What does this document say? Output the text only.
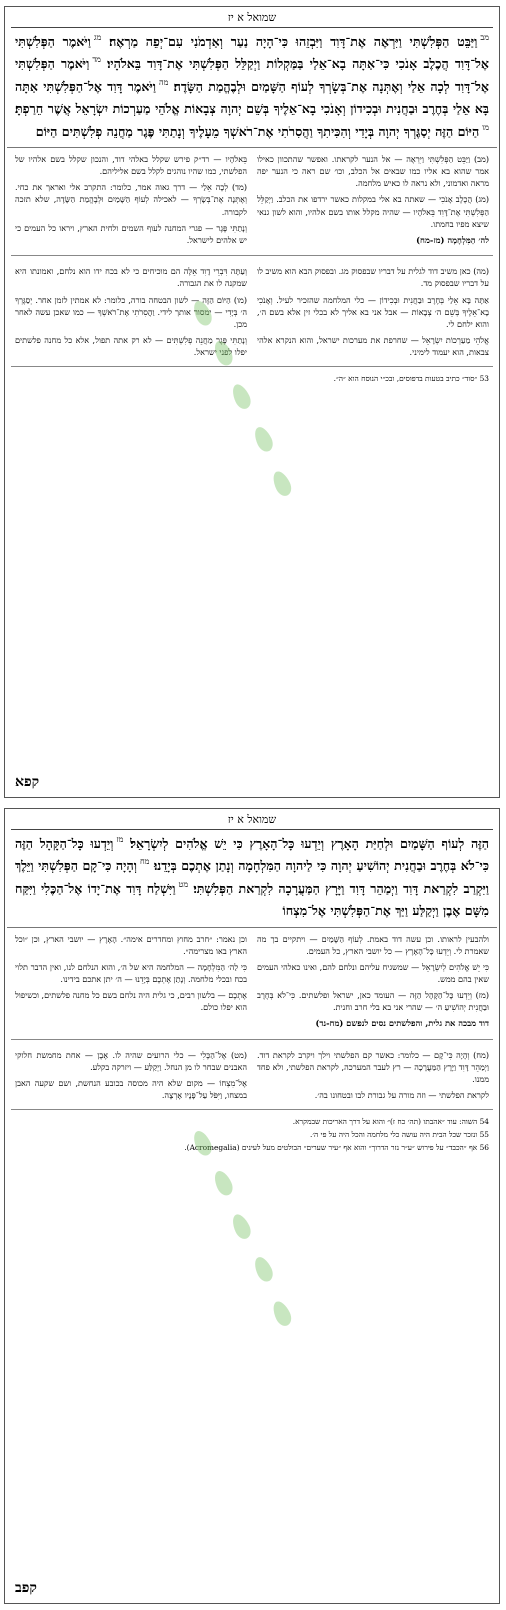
שמואל א יז
$^{מב}$וַיַּבֵּט הַפְּלִשְׁתִּי וַיִּרְאֶה אֶת־דָּוִד וַיִּבְזֵהוּ כִּי־הָיָה נַעַר וְאַדְמֹנִי עִם־יְפֵה מַרְאֶה׃ $^{מג}$וַיֹּאמֶר הַפְּלִשְׁתִּי אֶל־דָּוִד הֲכֶלֶב אָנֹכִי כִּי־אַתָּה בָא־אֵלַי בַּמַּקְלוֹת וַיְקַלֵּל הַפְּלִשְׁתִּי אֶת־דָּוִד בֵּאלֹהָיו׃ $^{מד}$וַיֹּאמֶר הַפְּלִשְׁתִּי אֶל־דָּוִד לְכָה אֵלַי וְאֶתְּנָה אֶת־בְּשָׂרְךָ לְעוֹף הַשָּׁמַיִם וּלְבֶהֱמַת הַשָּׂדֶה׃ $^{מה}$וַיֹּאמֶר דָּוִד אֶל־הַפְּלִשְׁתִּי אַתָּה בָּא אֵלַי בְּחֶרֶב וּבַחֲנִית וּבְכִידוֹן וְאָנֹכִי בָא־אֵלֶיךָ בְּשֵׁם יְהוָה צְבָאוֹת אֱלֹהֵי מַעַרְכוֹת יִשְׂרָאֵל אֲשֶׁר חֵרַפְתָּ׃ $^{מו}$הַיּוֹם הַזֶּה יְסַגֶּרְךָ יְהוָה בְּיָדִי וְהִכִּיתִךָ וַהֲסִרֹתִי אֶת־רֹאשְׁךָ מֵעָלֶיךָ וְנָתַתִּי פֶּגֶר מַחֲנֵה פְלִשְׁתִּים הַיּוֹם

(מב) וַיַּבֵּט הַפְּלִשְׁתִּי וַיִּרְאֶה — אל הנער לקראתו. ואפשר שהתכוון כאילו אמר שהוא בא אליו כמו שבאים אל הכלב, וכו׳ שם ראה כי הנער יפה מראה ואדמוני, ולא נראה לו כאיש מלחמה.

(מג) הֲכֶלֶב אָנֹכִי — שאתה בא אלי במקלות כאשר ירדפו את הכלב. וַיְקַלֵּל הַפְּלִשְׁתִּי אֶת־דָּוִד בֵּאלֹהָיו — שהיה מקלל אותו בשם אלהיו, והוא לשון גנאי שיצא מפיו בחמתו.

לה׳ הַמִּלְחָמָה (מז-מח)

בֵּאלֹהָיו — רד״ק פירש שקלל באלהי דוד, והנכון שקלל בשם אלהיו של הפלשתי, כמו שהיו נוהגים לקלל בשם אליליהם.

(מד) לְכָה אֵלַי — דרך גאוה אמר, כלומר: התקרב אלי ואראך את כחי. וְאֶתְּנָה אֶת־בְּשָׂרְךָ — לאכילה לְעוֹף הַשָּׁמַיִם וּלְבֶהֱמַת הַשָּׂדֶה, שלא תזכה לקבורה.

וְנָתַתִּי פֶּגֶר — פגרי המחנה לעוף השמים ולחית הארץ, ויראו כל העמים כי יש אלהים לישראל.

(מה) כאן משיב דוד לגלית על דבריו שבפסוק מג. ובפסוק הבא הוא משיב לו על דבריו שבפסוק מד.

אַתָּה בָּא אֵלַי בְּחֶרֶב וּבַחֲנִית וּבְכִידוֹן — כלי המלחמה שהזכיר לעיל. וְאָנֹכִי בָא־אֵלֶיךָ בְּשֵׁם ה׳ צְבָאוֹת — אבל אני בא אליך לא בכלי זין אלא בשם ה׳, והוא ילחם לי.

אֱלֹהֵי מַעַרְכוֹת יִשְׂרָאֵל — שחרפת את מערכות ישראל, והוא הנקרא אלהי צבאות, הוא יעמוד לימיני.

וְעַתָּה דִּבְרֵי דָוִד אֵלֶּה הם מוכיחים כי לא בכח ידו הוא נלחם, ואמונתו היא שמקנה לו את הגבורה.

(מו) הַיּוֹם הַזֶּה — לשון הבטחה בורה, כלומר: לא אמתין לזמן אחר. יְסַגֶּרְךָ ה׳ בְּיָדִי — ימסור אותך לידי. וַהֲסִרֹתִי אֶת־רֹאשְׁךָ — כמו שאכן עשה לאחר מכן.

וְנָתַתִּי פֶּגֶר מַחֲנֵה פְלִשְׁתִּים — לא רק אתה תפול, אלא כל מחנה פלשתים יפלו לפני ישראל.

53 ״סוד״ כתיב בטעות בדפוסים, ובכ״י הנוסח הוא ״ה״.

קפא
שמואל א יז
הַזֶּה לְעוֹף הַשָּׁמַיִם וּלְחַיַּת הָאָרֶץ וְיֵדְעוּ כָּל־הָאָרֶץ כִּי יֵשׁ אֱלֹהִים לְיִשְׂרָאֵל׃ $^{מז}$וְיֵדְעוּ כָּל־הַקָּהָל הַזֶּה כִּי־לֹא בְּחֶרֶב וּבַחֲנִית יְהוֹשִׁיעַ יְהוָה כִּי לַיהוָה הַמִּלְחָמָה וְנָתַן אֶתְכֶם בְּיָדֵנוּ׃ $^{מח}$וְהָיָה כִּי־קָם הַפְּלִשְׁתִּי וַיֵּלֶךְ וַיִּקְרַב לִקְרַאת דָּוִד וַיְמַהֵר דָּוִד וַיָּרָץ הַמַּעֲרָכָה לִקְרַאת הַפְּלִשְׁתִּי׃ $^{מט}$וַיִּשְׁלַח דָּוִד אֶת־יָדוֹ אֶל־הַכֶּלִי וַיִּקַּח מִשָּׁם אֶבֶן וַיְקַלַּע וַיַּךְ אֶת־הַפְּלִשְׁתִּי אֶל־מִצְחוֹ

ולהבעין לראותו. וכן עשה דוד באמת. לְעוֹף הַשָּׁמַיִם — ויתקיים בך מה שאמרת לי. וְיֵדְעוּ כָּל־הָאָרֶץ — כל יושבי הארץ, כל העמים.

כִּי יֵשׁ אֱלֹהִים לְיִשְׂרָאֵל — שמשגיח עליהם ונלחם להם, ואינו כאלהי העמים שאין בהם ממש.

(מז) וְיֵדְעוּ כָּל־הַקָּהָל הַזֶּה — העומד כאן, ישראל ופלשתים. כִּי־לֹא בְּחֶרֶב וּבַחֲנִית יְהוֹשִׁיעַ ה׳ — שהרי אני בא בלי חרב וחנית.

דוד מבכה את גלית, והפלשתים נסים לנפשם (מח-נד)

וכן נאמר: ״חרב מחוץ ומחדרים אימה״. הָאָרֶץ — יושבי הארץ, וכן ״וכל הארץ באו מצרימה״.

כִּי לַה׳ הַמִּלְחָמָה — המלחמה היא של ה׳, והוא הנלחם לנו, ואין הדבר תלוי בכח ובכלי מלחמה. וְנָתַן אֶתְכֶם בְּיָדֵנוּ — ה׳ יתן אתכם בידינו.

אֶתְכֶם — בלשון רבים, כי גלית היה נלחם בשם כל מחנה פלשתים, וכשיפול הוא יפלו כולם.

(מח) וְהָיָה כִּי־קָם — כלומר: כאשר קם הפלשתי וילך ויקרב לקראת דוד. וַיְמַהֵר דָּוִד וַיָּרָץ הַמַּעֲרָכָה — רץ לעבר המערכה, לקראת הפלשתי, ולא פחד ממנו.

לקראת הפלשתי — וזה מורה על גבורת לבו ובטחונו בה׳.

(מט) אֶל־הַכֶּלִי — כלי הרועים שהיה לו. אֶבֶן — אחת מחמשת חלוקי האבנים שבחר לו מן הנחל. וַיְקַלַּע — ויזרקה בקלע.

אֶל־מִצְחוֹ — מקום שלא היה מכוסה בכובע הנחשת, ושם שקעה האבן במצחו, וַיִּפֹּל עַל־פָּנָיו אָרְצָה.

54 השוה: עוד ״אהבתו (תה׳ כח ז)״ והוא על דרך האריכות שבמקרא.

55 ונזכר שכל הבית היה עושה כלי מלחמה והכל היה על פי ה׳.

56 אף ״הכבד״ על פירוש ״ע״ר נזר הדרוך״ והוא אף ״עיר שערים״ הבולטים מעל לעינים (Acromegalia).

קפב
